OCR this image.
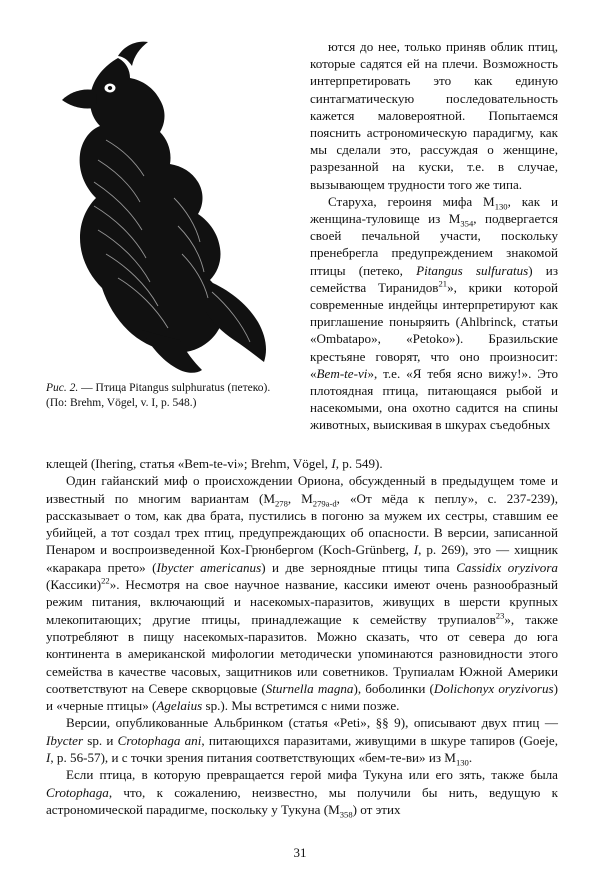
Рис. 2. — Птица Pitangus sulphuratus (петеко). (По: Brehm, Vögel, v. I, p. 548.)

ются до нее, только приняв облик птиц, которые садятся ей на плечи. Возможность интерпретировать это как единую синтагматическую последовательность кажется маловероятной. Попытаемся пояснить астрономическую парадигму, как мы сделали это, рассуждая о женщине, разрезанной на куски, т.е. в случае, вызывающем трудности того же типа.

Старуха, героиня мифа $M_{130}$, как и женщина-туловище из $M_{354}$, подвергается своей печальной участи, поскольку пренебрегла предупреждением знакомой птицы (петеко, Pitangus sulfuratus) из семейства Тиранидов$^{21}$», крики которой современные индейцы интерпретируют как приглашение поныряить (Ahlbrinck, статьи «Ombatapo», «Petoko»). Бразильские крестьяне говорят, что оно произносит: «Bem-te-vi», т.е. «Я тебя ясно вижу!». Это плотоядная птица, питающаяся рыбой и насекомыми, она охотно садится на спины животных, выискивая в шкурах съедобных

клещей (Ihering, статья «Bem-te-vi»; Brehm, Vögel, I, p. 549).

Один гайанский миф о происхождении Ориона, обсужденный в предыдущем томе и известный по многим вариантам ($M_{278}$, $M_{279a-d}$, «От мёда к пеплу», с. 237-239), рассказывает о том, как два брата, пустились в погоню за мужем их сестры, ставшим ее убийцей, а тот создал трех птиц, предупреждающих об опасности. В версии, записанной Пенаром и воспроизведенной Кох-Грюнбергом (Koch-Grünberg, I, p. 269), это — хищник «каракара прето» (Ibycter americanus) и две зерноядные птицы типа Cassidix oryzivora (Кассики)$^{22}$». Несмотря на свое научное название, кассики имеют очень разнообразный режим питания, включающий и насекомых-паразитов, живущих в шерсти крупных млекопитающих; другие птицы, принадлежащие к семейству трупиалов$^{23}$», также употребляют в пищу насекомых-паразитов. Можно сказать, что от севера до юга континента в американской мифологии методически упоминаются разновидности этого семейства в качестве часовых, защитников или советников. Трупиалам Южной Америки соответствуют на Севере скворцовые (Sturnella magna), боболинки (Dolichonyx oryzivorus) и «черные птицы» (Agelaius sp.). Мы встретимся с ними позже.

Версии, опубликованные Альбринком (статья «Peti», §§ 9), описывают двух птиц — Ibycter sp. и Crotophaga ani, питающихся паразитами, живущими в шкуре тапиров (Goeje, I, p. 56-57), и с точки зрения питания соответствующих «бем-те-ви» из $M_{130}$.

Если птица, в которую превращается герой мифа Тукуна или его зять, также была Crotophaga, что, к сожалению, неизвестно, мы получили бы нить, ведущую к астрономической парадигме, поскольку у Тукуна $(M_{358})$ от этих

31
